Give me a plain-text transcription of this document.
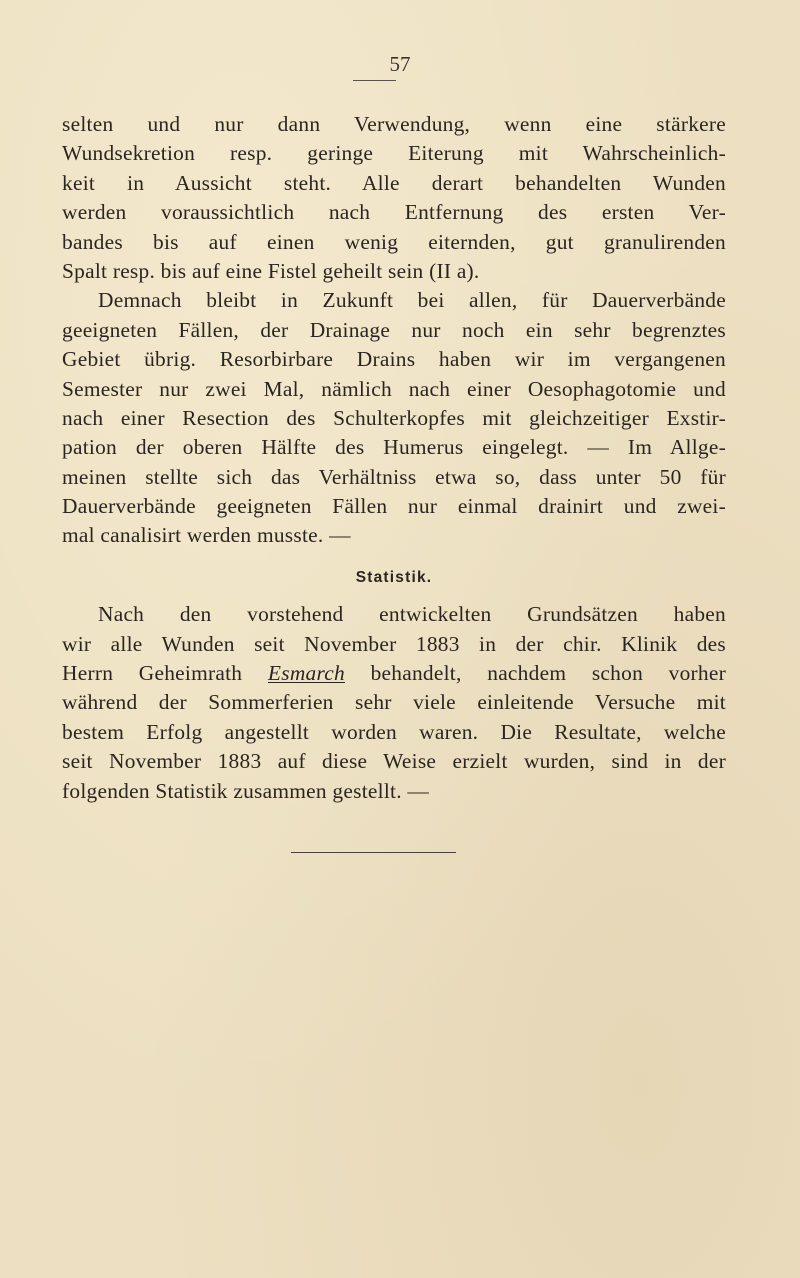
57
selten und nur dann Verwendung, wenn eine stärkere
Wundsekretion resp. geringe Eiterung mit Wahrscheinlich-
keit in Aussicht steht. Alle derart behandelten Wunden
werden voraussichtlich nach Entfernung des ersten Ver-
bandes bis auf einen wenig eiternden, gut granulirenden
Spalt resp. bis auf eine Fistel geheilt sein (II a).
Demnach bleibt in Zukunft bei allen, für Dauerverbände
geeigneten Fällen, der Drainage nur noch ein sehr begrenztes
Gebiet übrig. Resorbirbare Drains haben wir im vergangenen
Semester nur zwei Mal, nämlich nach einer Oesophagotomie und
nach einer Resection des Schulterkopfes mit gleichzeitiger Exstir-
pation der oberen Hälfte des Humerus eingelegt. — Im Allge-
meinen stellte sich das Verhältniss etwa so, dass unter 50 für
Dauerverbände geeigneten Fällen nur einmal drainirt und zwei-
mal canalisirt werden musste. —
Statistik.
Nach den vorstehend entwickelten Grundsätzen haben
wir alle Wunden seit November 1883 in der chir. Klinik des
Herrn Geheimrath Esmarch behandelt, nachdem schon vorher
während der Sommerferien sehr viele einleitende Versuche mit
bestem Erfolg angestellt worden waren. Die Resultate, welche
seit November 1883 auf diese Weise erzielt wurden, sind in der
folgenden Statistik zusammen gestellt. —
